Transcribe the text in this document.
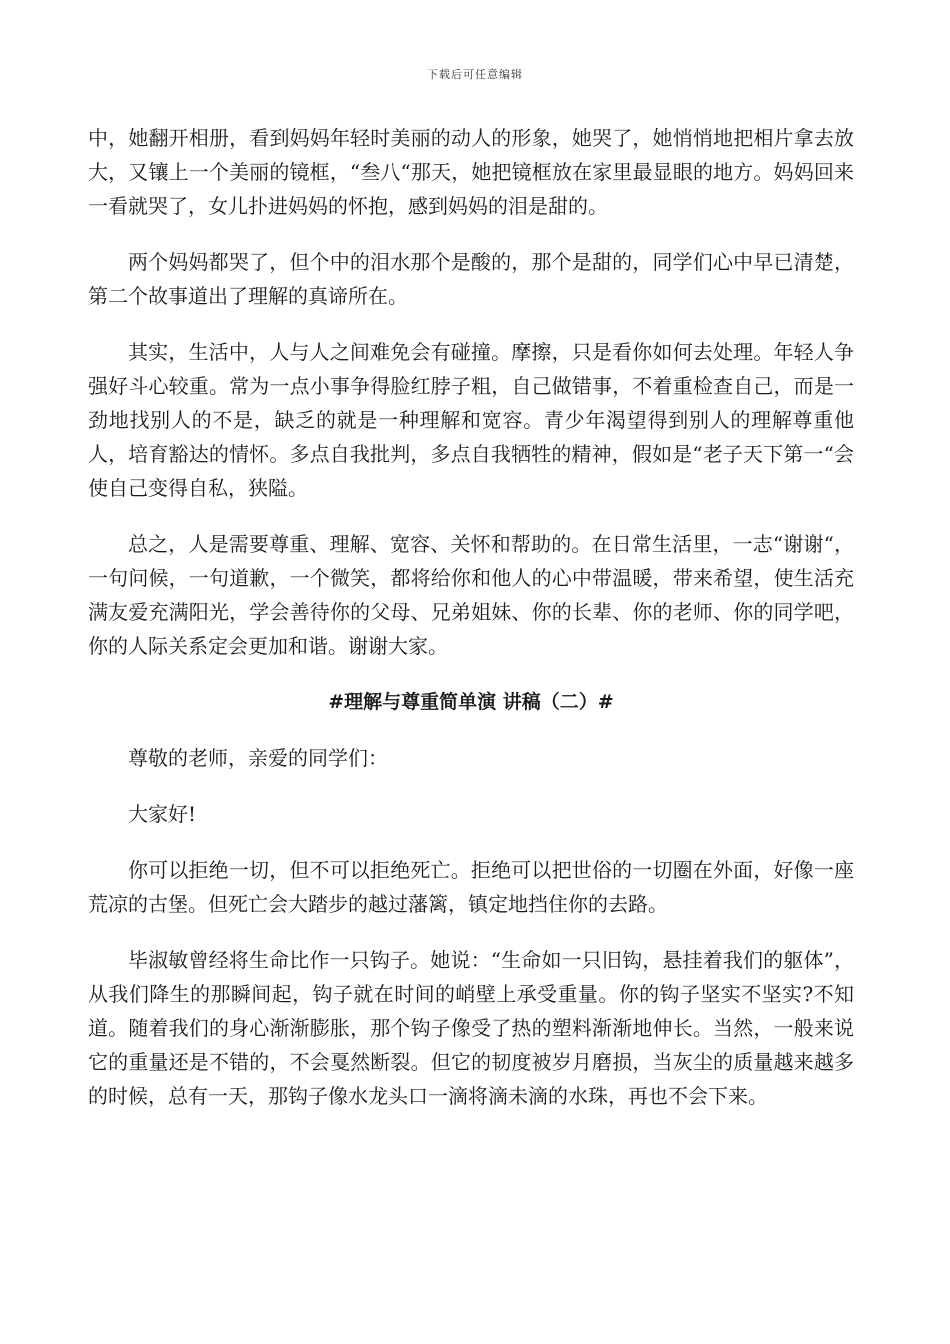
下载后可任意编辑

中，她翻开相册，看到妈妈年轻时美丽的动人的形象，她哭了，她悄悄地把相片拿去放大，又镶上一个美丽的镜框，“叁八“那天，她把镜框放在家里最显眼的地方。妈妈回来一看就哭了，女儿扑进妈妈的怀抱，感到妈妈的泪是甜的。

两个妈妈都哭了，但个中的泪水那个是酸的，那个是甜的，同学们心中早已清楚，第二个故事道出了理解的真谛所在。

其实，生活中，人与人之间难免会有碰撞。摩擦，只是看你如何去处理。年轻人争强好斗心较重。常为一点小事争得脸红脖子粗，自己做错事，不着重检查自己，而是一劲地找别人的不是，缺乏的就是一种理解和宽容。青少年渴望得到别人的理解尊重他人，培育豁达的情怀。多点自我批判，多点自我牺牲的精神，假如是“老子天下第一“会使自己变得自私，狭隘。

总之，人是需要尊重、理解、宽容、关怀和帮助的。在日常生活里，一志“谢谢“，一句问候，一句道歉，一个微笑，都将给你和他人的心中带温暖，带来希望，使生活充满友爱充满阳光，学会善待你的父母、兄弟姐妹、你的长辈、你的老师、你的同学吧，你的人际关系定会更加和谐。谢谢大家。

#理解与尊重简单演 讲稿（二）#

尊敬的老师，亲爱的同学们：

大家好!

你可以拒绝一切，但不可以拒绝死亡。拒绝可以把世俗的一切圈在外面，好像一座荒凉的古堡。但死亡会大踏步的越过藩篱，镇定地挡住你的去路。

毕淑敏曾经将生命比作一只钩子。她说：“生命如一只旧钩，悬挂着我们的躯体”，从我们降生的那瞬间起，钩子就在时间的峭壁上承受重量。你的钩子坚实不坚实?不知道。随着我们的身心渐渐膨胀，那个钩子像受了热的塑料渐渐地伸长。当然，一般来说它的重量还是不错的，不会戛然断裂。但它的韧度被岁月磨损，当灰尘的质量越来越多的时候，总有一天，那钩子像水龙头口一滴将滴未滴的水珠，再也不会下来。
